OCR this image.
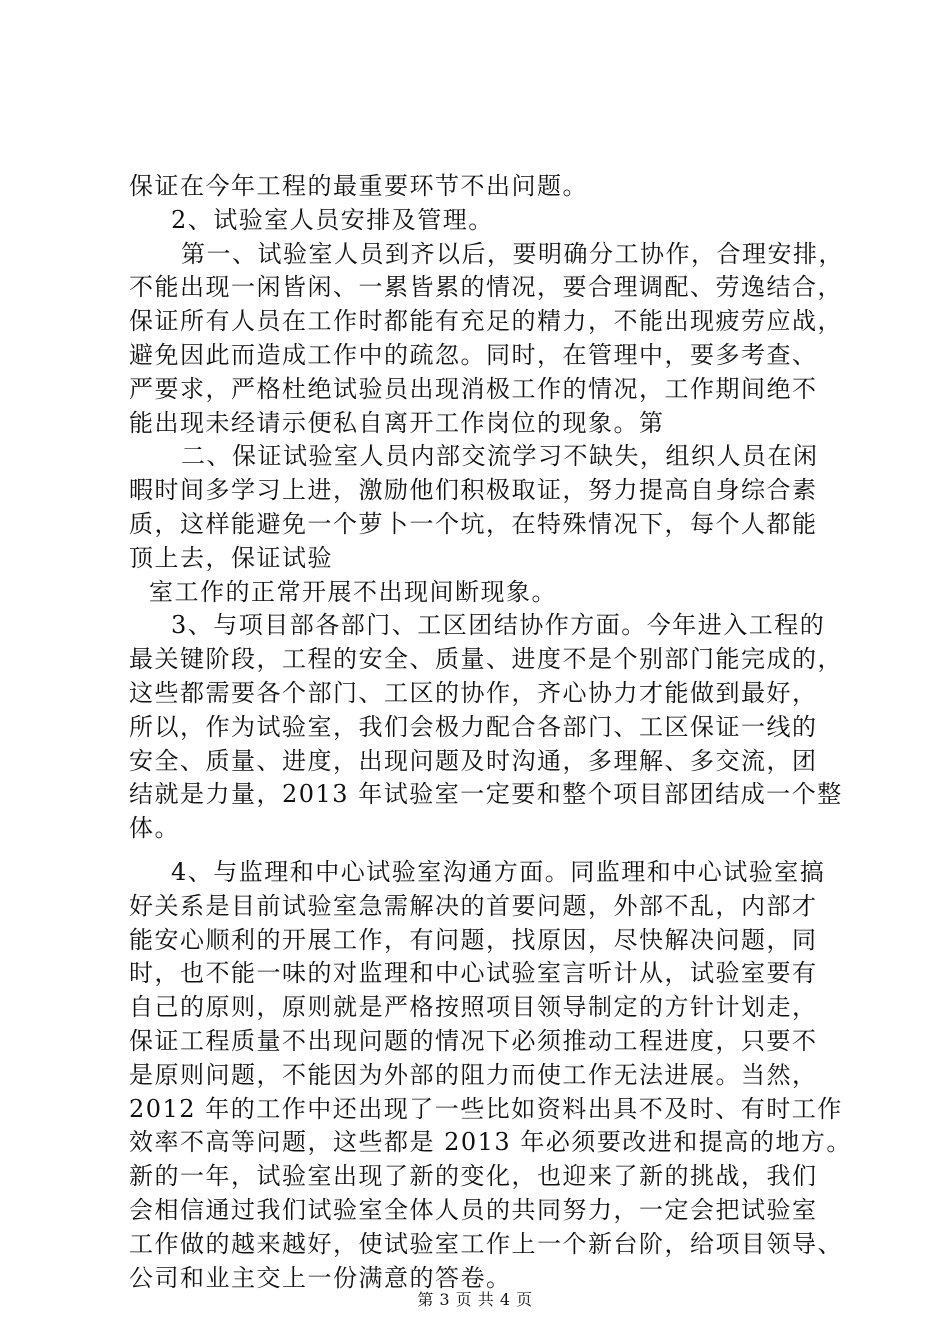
保证在今年工程的最重要环节不出问题。
2、试验室人员安排及管理。
第一、试验室人员到齐以后，要明确分工协作，合理安排，
不能出现一闲皆闲、一累皆累的情况，要合理调配、劳逸结合，
保证所有人员在工作时都能有充足的精力，不能出现疲劳应战，
避免因此而造成工作中的疏忽。同时，在管理中，要多考查、
严要求，严格杜绝试验员出现消极工作的情况，工作期间绝不
能出现未经请示便私自离开工作岗位的现象。第
二、保证试验室人员内部交流学习不缺失，组织人员在闲
暇时间多学习上进，激励他们积极取证，努力提高自身综合素
质，这样能避免一个萝卜一个坑，在特殊情况下，每个人都能
顶上去，保证试验
室工作的正常开展不出现间断现象。
3、与项目部各部门、工区团结协作方面。今年进入工程的
最关键阶段，工程的安全、质量、进度不是个别部门能完成的，
这些都需要各个部门、工区的协作，齐心协力才能做到最好，
所以，作为试验室，我们会极力配合各部门、工区保证一线的
安全、质量、进度，出现问题及时沟通，多理解、多交流，团
结就是力量，2013 年试验室一定要和整个项目部团结成一个整
体。
4、与监理和中心试验室沟通方面。同监理和中心试验室搞
好关系是目前试验室急需解决的首要问题，外部不乱，内部才
能安心顺利的开展工作，有问题，找原因，尽快解决问题，同
时，也不能一味的对监理和中心试验室言听计从，试验室要有
自己的原则，原则就是严格按照项目领导制定的方针计划走，
保证工程质量不出现问题的情况下必须推动工程进度，只要不
是原则问题，不能因为外部的阻力而使工作无法进展。当然，
2012 年的工作中还出现了一些比如资料出具不及时、有时工作
效率不高等问题，这些都是 2013 年必须要改进和提高的地方。
新的一年，试验室出现了新的变化，也迎来了新的挑战，我们
会相信通过我们试验室全体人员的共同努力，一定会把试验室
工作做的越来越好，使试验室工作上一个新台阶，给项目领导、
公司和业主交上一份满意的答卷。
第 3 页 共 4 页
